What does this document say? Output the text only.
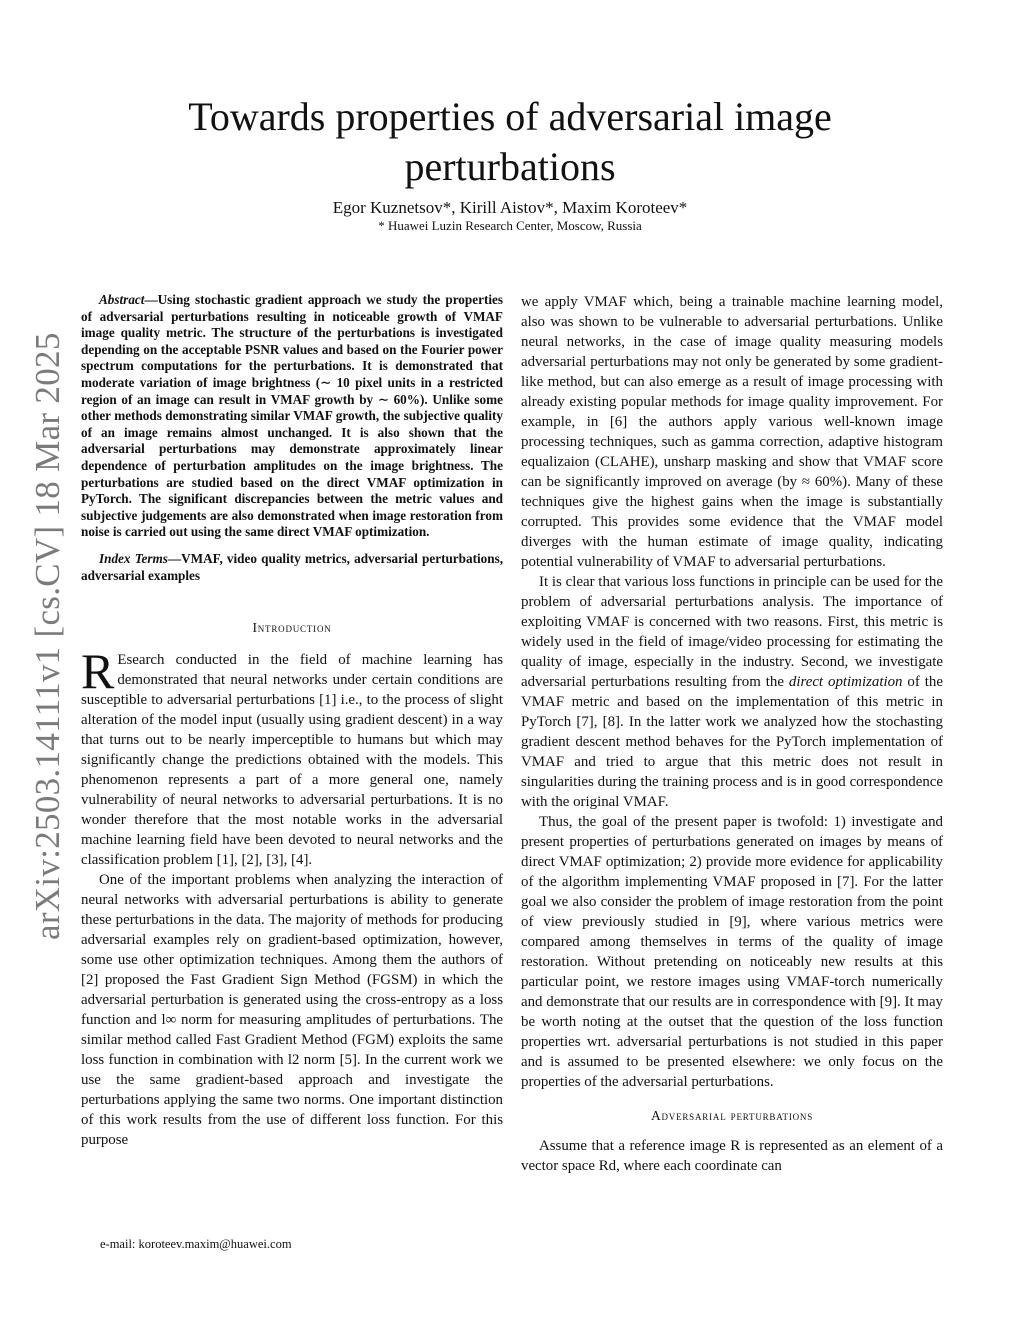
arXiv:2503.14111v1 [cs.CV] 18 Mar 2025
Towards properties of adversarial image perturbations
Egor Kuznetsov*, Kirill Aistov*, Maxim Koroteev*
* Huawei Luzin Research Center, Moscow, Russia

Abstract—Using stochastic gradient approach we study the properties of adversarial perturbations resulting in noticeable growth of VMAF image quality metric. The structure of the perturbations is investigated depending on the acceptable PSNR values and based on the Fourier power spectrum computations for the perturbations. It is demonstrated that moderate variation of image brightness (∼ 10 pixel units in a restricted region of an image can result in VMAF growth by ∼ 60%). Unlike some other methods demonstrating similar VMAF growth, the subjective quality of an image remains almost unchanged. It is also shown that the adversarial perturbations may demonstrate approximately linear dependence of perturbation amplitudes on the image brightness. The perturbations are studied based on the direct VMAF optimization in PyTorch. The significant discrepancies between the metric values and subjective judgements are also demonstrated when image restoration from noise is carried out using the same direct VMAF optimization.

Index Terms—VMAF, video quality metrics, adversarial perturbations, adversarial examples

Introduction

R Esearch conducted in the field of machine learning has demonstrated that neural networks under certain conditions are susceptible to adversarial perturbations [1] i.e., to the process of slight alteration of the model input (usually using gradient descent) in a way that turns out to be nearly imperceptible to humans but which may significantly change the predictions obtained with the models. This phenomenon represents a part of a more general one, namely vulnerability of neural networks to adversarial perturbations. It is no wonder therefore that the most notable works in the adversarial machine learning field have been devoted to neural networks and the classification problem [1], [2], [3], [4].

One of the important problems when analyzing the interaction of neural networks with adversarial perturbations is ability to generate these perturbations in the data. The majority of methods for producing adversarial examples rely on gradient-based optimization, however, some use other optimization techniques. Among them the authors of [2] proposed the Fast Gradient Sign Method (FGSM) in which the adversarial perturbation is generated using the cross-entropy as a loss function and l∞ norm for measuring amplitudes of perturbations. The similar method called Fast Gradient Method (FGM) exploits the same loss function in combination with l2 norm [5]. In the current work we use the same gradient-based approach and investigate the perturbations applying the same two norms. One important distinction of this work results from the use of different loss function. For this purpose

we apply VMAF which, being a trainable machine learning model, also was shown to be vulnerable to adversarial perturbations. Unlike neural networks, in the case of image quality measuring models adversarial perturbations may not only be generated by some gradient-like method, but can also emerge as a result of image processing with already existing popular methods for image quality improvement. For example, in [6] the authors apply various well-known image processing techniques, such as gamma correction, adaptive histogram equalizaion (CLAHE), unsharp masking and show that VMAF score can be significantly improved on average (by ≈ 60%). Many of these techniques give the highest gains when the image is substantially corrupted. This provides some evidence that the VMAF model diverges with the human estimate of image quality, indicating potential vulnerability of VMAF to adversarial perturbations.

It is clear that various loss functions in principle can be used for the problem of adversarial perturbations analysis. The importance of exploiting VMAF is concerned with two reasons. First, this metric is widely used in the field of image/video processing for estimating the quality of image, especially in the industry. Second, we investigate adversarial perturbations resulting from the direct optimization of the VMAF metric and based on the implementation of this metric in PyTorch [7], [8]. In the latter work we analyzed how the stochasting gradient descent method behaves for the PyTorch implementation of VMAF and tried to argue that this metric does not result in singularities during the training process and is in good correspondence with the original VMAF.

Thus, the goal of the present paper is twofold: 1) investigate and present properties of perturbations generated on images by means of direct VMAF optimization; 2) provide more evidence for applicability of the algorithm implementing VMAF proposed in [7]. For the latter goal we also consider the problem of image restoration from the point of view previously studied in [9], where various metrics were compared among themselves in terms of the quality of image restoration. Without pretending on noticeably new results at this particular point, we restore images using VMAF-torch numerically and demonstrate that our results are in correspondence with [9]. It may be worth noting at the outset that the question of the loss function properties wrt. adversarial perturbations is not studied in this paper and is assumed to be presented elsewhere: we only focus on the properties of the adversarial perturbations.

Adversarial perturbations

Assume that a reference image R is represented as an element of a vector space Rd, where each coordinate can

e-mail: koroteev.maxim@huawei.com
